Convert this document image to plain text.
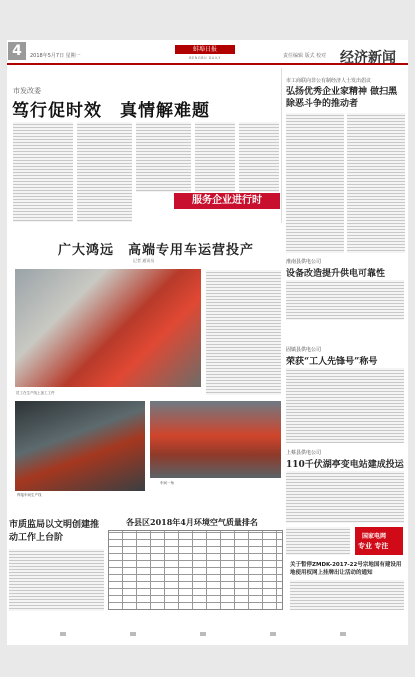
4	2018年5月7日 星期一
蚌埠日报
BENGBU DAILY	责任编辑 版式 校对 经济新闻
市发改委
笃行促时效　真情解难题
服务企业进行时
市工商联向非公有制经济人士发出倡议
弘扬优秀企业家精神 做扫黑除恶斗争的推动者
淮南县供电公司
设备改造提升供电可靠性
固镇县供电公司
荣获“工人先锋号”称号
上蔡县供电公司
110千伏湖亭变电站建成投运
国家电网
专业 专注
关于暂停ZMDK-2017-22号宗地国有建设用地使用权网上挂牌出让活动的通知
广大鸿远　高端专用车运营投产
记者 通讯员
员工在生产线上加工工件
焊接车间生产线
车间一角
市质监局以文明创建推动工作上台阶
各县区2018年4月环境空气质量排名
